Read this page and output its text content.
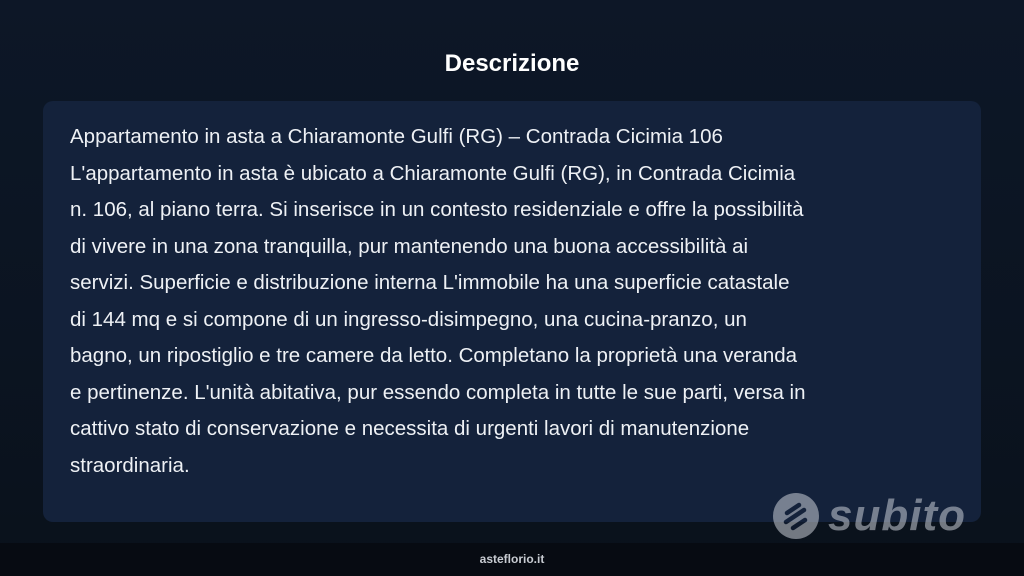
Descrizione

Appartamento in asta a Chiaramonte Gulfi (RG) – Contrada Cicimia 106
L'appartamento in asta è ubicato a Chiaramonte Gulfi (RG), in Contrada Cicimia
n. 106, al piano terra. Si inserisce in un contesto residenziale e offre la possibilità
di vivere in una zona tranquilla, pur mantenendo una buona accessibilità ai
servizi. Superficie e distribuzione interna L'immobile ha una superficie catastale
di 144 mq e si compone di un ingresso-disimpegno, una cucina-pranzo, un
bagno, un ripostiglio e tre camere da letto. Completano la proprietà una veranda
e pertinenze. L'unità abitativa, pur essendo completa in tutte le sue parti, versa in
cattivo stato di conservazione e necessita di urgenti lavori di manutenzione
straordinaria.

subito
asteflorio.it
